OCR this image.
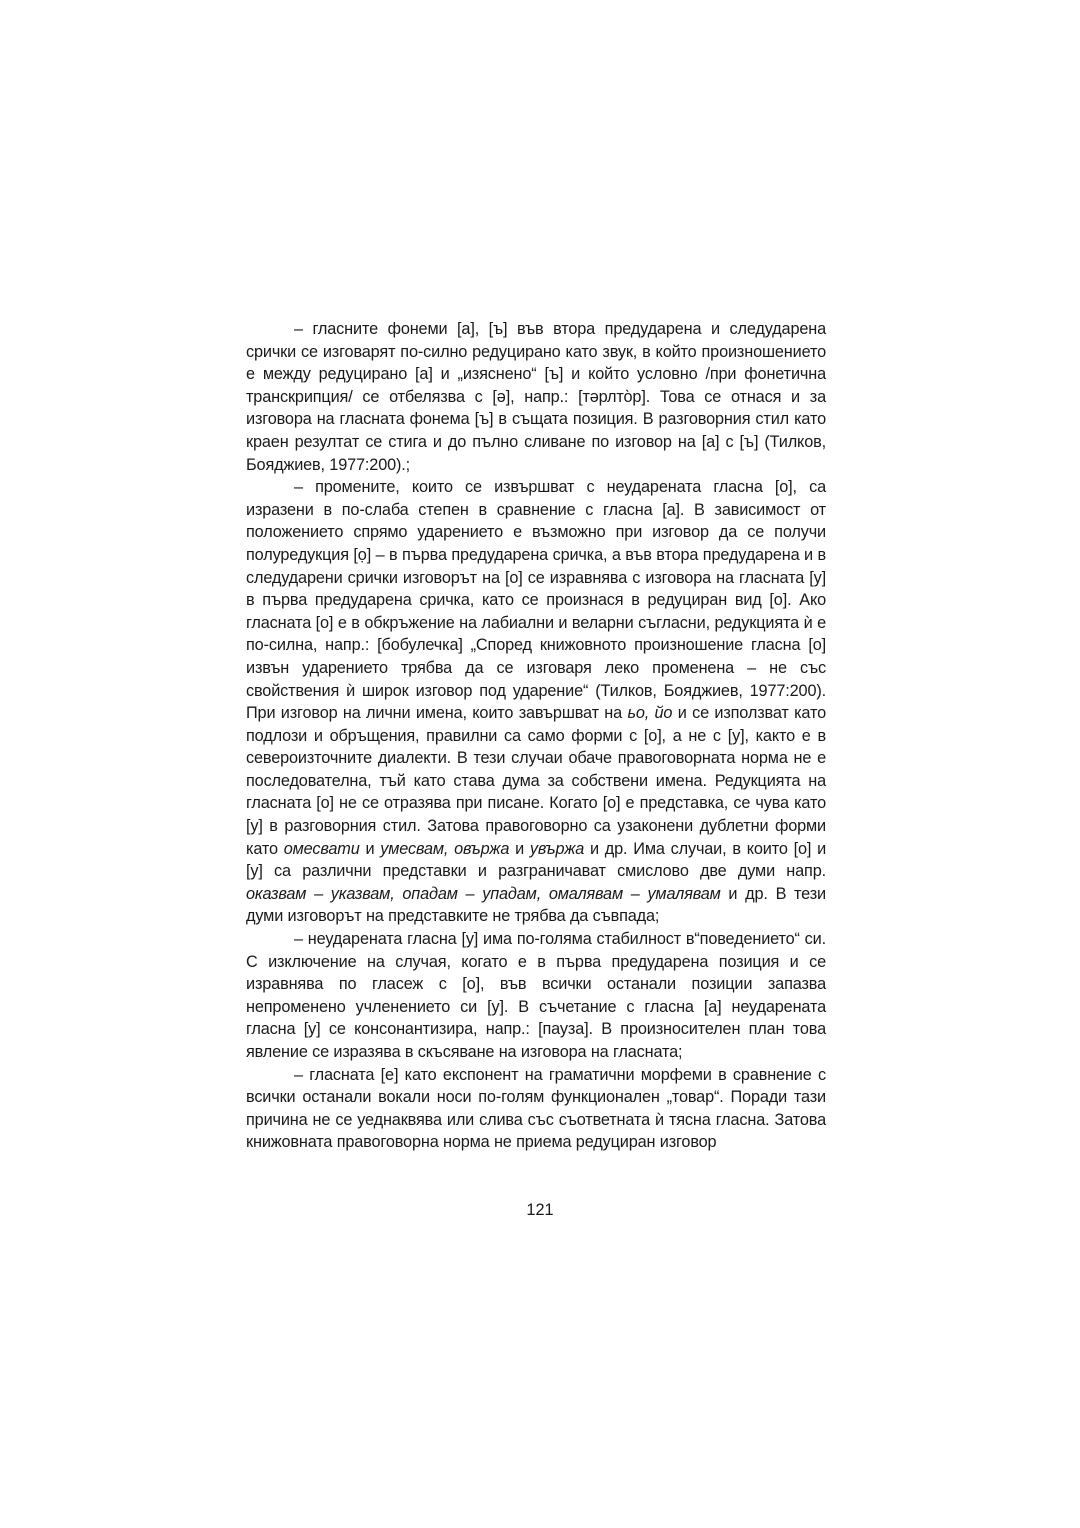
– гласните фонеми [а], [ъ] във втора предударена и следударена срички се изговарят по-силно редуцирано като звук, в който произношението е между редуцирано [а] и „изяснено“ [ъ] и който условно /при фонетична транскрипция/ се отбелязва с [ә], напр.: [тәрлто̀р]. Това се отнася и за изговора на гласната фонема [ъ] в същата позиция. В разговорния стил като краен резултат се стига и до пълно сливане по изговор на [а] с [ъ] (Тилков, Бояджиев, 1977:200).;

– промените, които се извършват с неударената гласна [о], са изразени в по-слаба степен в сравнение с гласна [а]. В зависимост от положението спрямо ударението е възможно при изговор да се получи полуредукция [ọ] – в първа предударена сричка, а във втора предударена и в следударени срички изговорът на [о] се изравнява с изговора на гласната [у] в първа предударена сричка, като се произнася в редуциран вид [о]. Ако гласната [о] е в обкръжение на лабиални и веларни съгласни, редукцията ѝ е по-силна, напр.: [бобулечка] „Според книжовното произношение гласна [о] извън ударението трябва да се изговаря леко променена – не със свойствения ѝ широк изговор под ударение“ (Тилков, Бояджиев, 1977:200). При изговор на лични имена, които завършват на ьо, йо и се използват като подлози и обръщения, правилни са само форми с [о], а не с [у], както е в североизточните диалекти. В тези случаи обаче правоговорната норма не е последователна, тъй като става дума за собствени имена. Редукцията на гласната [о] не се отразява при писане. Когато [о] е представка, се чува като [у] в разговорния стил. Затова правоговорно са узаконени дублетни форми като омесвати и умесвам, овържа и увържа и др. Има случаи, в които [о] и [у] са различни представки и разграничават смислово две думи напр. оказвам – указвам, опадам – упадам, омалявам – умалявам и др. В тези думи изговорът на представките не трябва да съвпада;

– неударената гласна [у] има по-голяма стабилност в“поведението“ си. С изключение на случая, когато е в първа предударена позиция и се изравнява по гласеж с [о], във всички останали позиции запазва непроменено учленението си [у]. В съчетание с гласна [а] неударената гласна [у] се консонантизира, напр.: [пауза]. В произносителен план това явление се изразява в скъсяване на изговора на гласната;

– гласната [е] като експонент на граматични морфеми в сравнение с всички останали вокали носи по-голям функционален „товар“. Поради тази причина не се уеднаквява или слива със съответната ѝ тясна гласна. Затова книжовната правоговорна норма не приема редуциран изговор

121
